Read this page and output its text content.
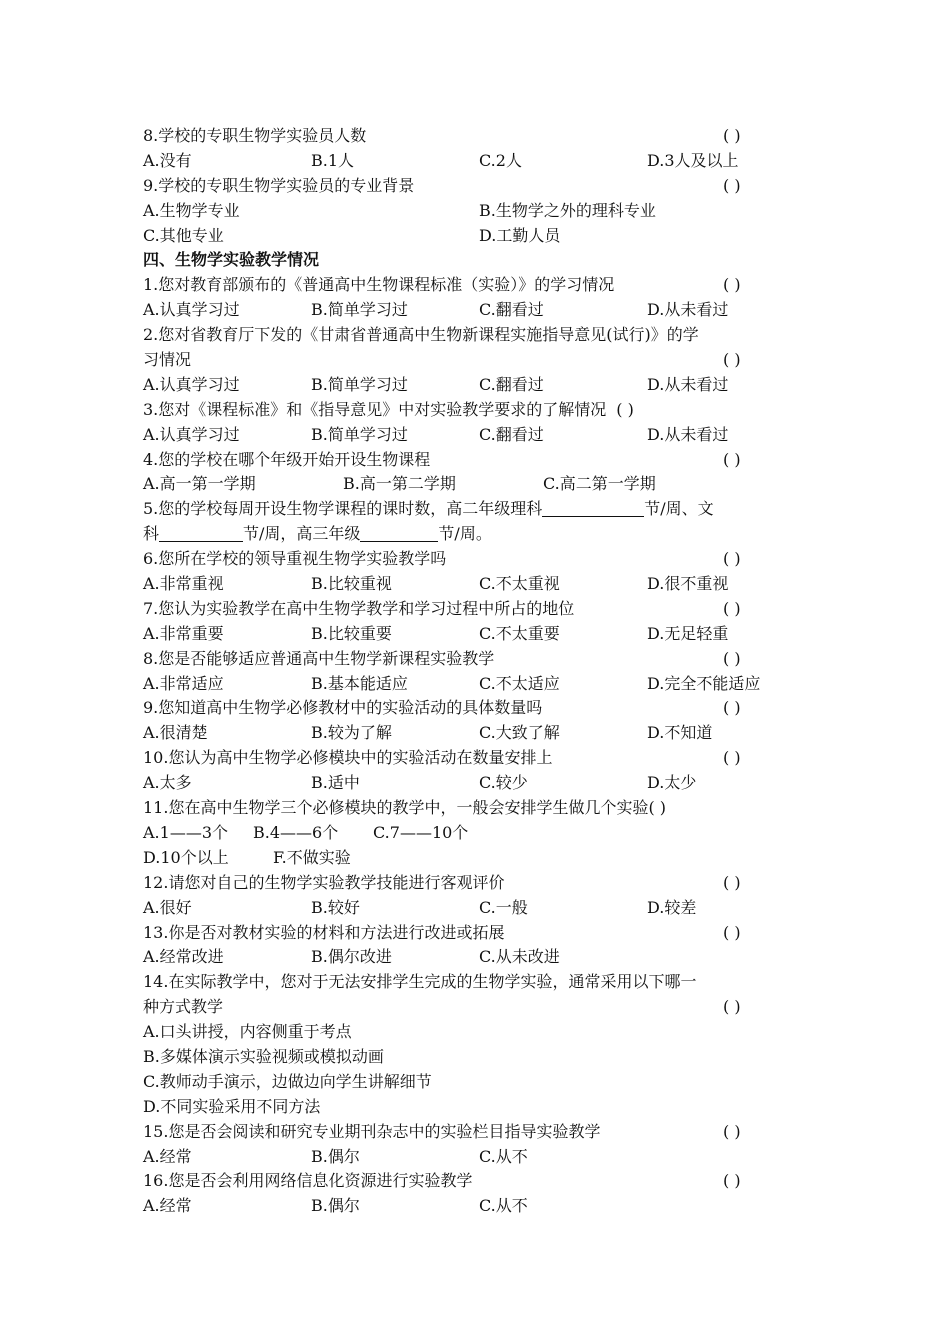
8.学校的专职生物学实验员人数	( )
A.没有	B.1人	C.2人	D.3人及以上
9.学校的专职生物学实验员的专业背景	( )
A.生物学专业	B.生物学之外的理科专业
C.其他专业	D.工勤人员
四、生物学实验教学情况
1.您对教育部颁布的《普通高中生物课程标准（实验）》的学习情况	( )
A.认真学习过	B.简单学习过	C.翻看过	D.从未看过
2.您对省教育厅下发的《甘肃省普通高中生物新课程实施指导意见(试行)》的学
习情况	( )
A.认真学习过	B.简单学习过	C.翻看过	D.从未看过
3.您对《课程标准》和《指导意见》中对实验教学要求的了解情况 ( )
A.认真学习过	B.简单学习过	C.翻看过	D.从未看过
4.您的学校在哪个年级开始开设生物课程	( )
A.高一第一学期	B.高一第二学期	C.高二第一学期
5.您的学校每周开设生物学课程的课时数，高二年级理科	节/周、文
科	节/周，高三年级	节/周。
6.您所在学校的领导重视生物学实验教学吗	( )
A.非常重视	B.比较重视	C.不太重视	D.很不重视
7.您认为实验教学在高中生物学教学和学习过程中所占的地位	( )
A.非常重要	B.比较重要	C.不太重要	D.无足轻重
8.您是否能够适应普通高中生物学新课程实验教学	( )
A.非常适应	B.基本能适应	C.不太适应	D.完全不能适应
9.您知道高中生物学必修教材中的实验活动的具体数量吗	( )
A.很清楚	B.较为了解	C.大致了解	D.不知道
10.您认为高中生物学必修模块中的实验活动在数量安排上	( )
A.太多	B.适中	C.较少	D.太少
11.您在高中生物学三个必修模块的教学中，一般会安排学生做几个实验( )
A.1——3个 B.4——6个 C.7——10个
D.10个以上	F.不做实验
12.请您对自己的生物学实验教学技能进行客观评价	( )
A.很好	B.较好	C.一般	D.较差
13.你是否对教材实验的材料和方法进行改进或拓展	( )
A.经常改进	B.偶尔改进	C.从未改进
14.在实际教学中，您对于无法安排学生完成的生物学实验，通常采用以下哪一
种方式教学	( )
A.口头讲授，内容侧重于考点
B.多媒体演示实验视频或模拟动画
C.教师动手演示，边做边向学生讲解细节
D.不同实验采用不同方法
15.您是否会阅读和研究专业期刊杂志中的实验栏目指导实验教学	( )
A.经常	B.偶尔	C.从不
16.您是否会利用网络信息化资源进行实验教学	( )
A.经常	B.偶尔	C.从不
